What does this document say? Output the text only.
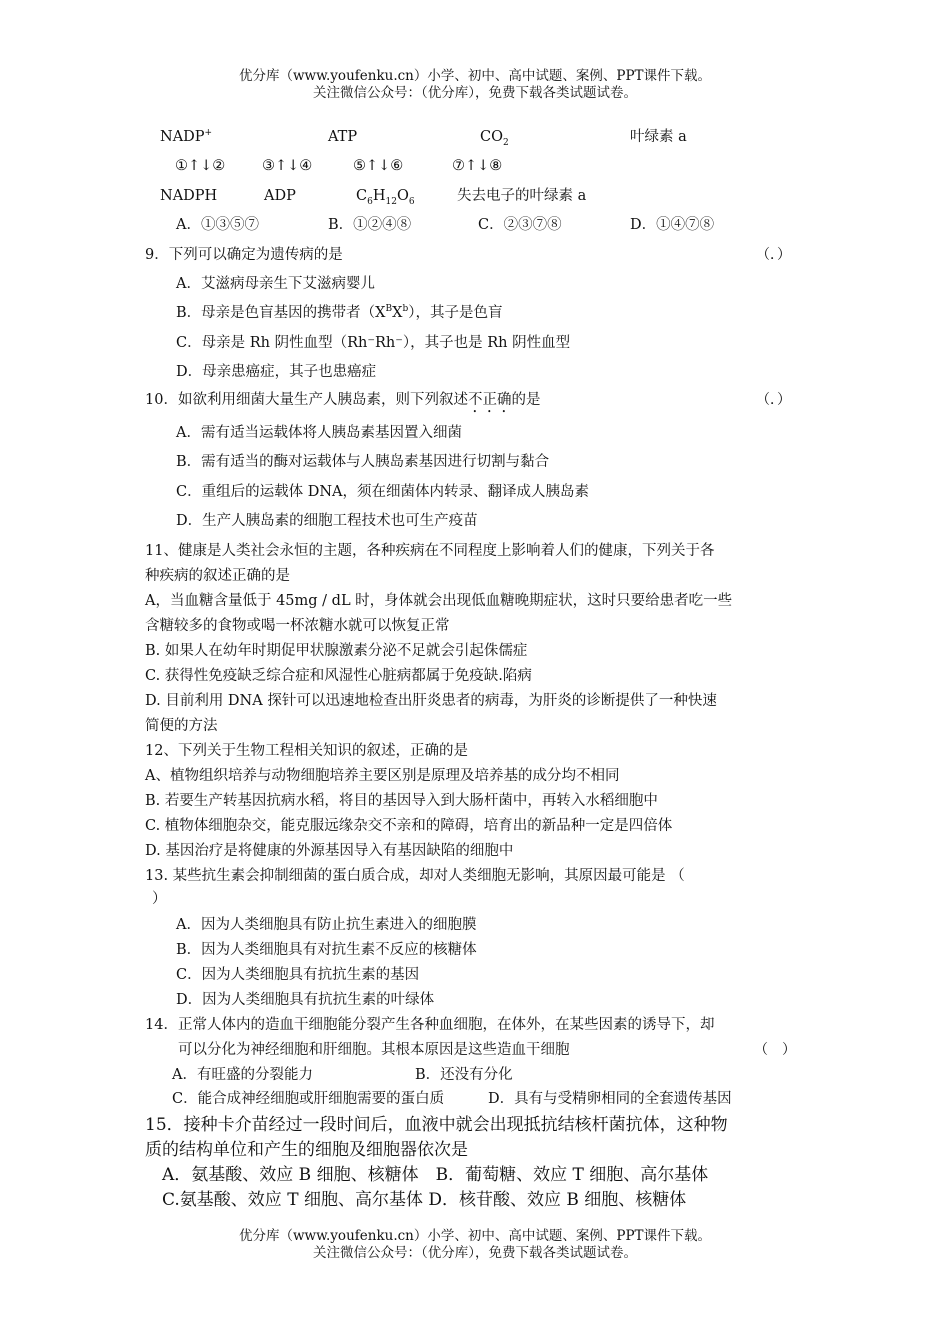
优分库（www.youfenku.cn）小学、初中、高中试题、案例、PPT课件下载。
关注微信公众号：（优分库），免费下载各类试题试卷。
NADP+	ATP	$CO_2$	叶绿素 a
①↑↓②	③↑↓④	⑤↑↓⑥	⑦↑↓⑧
NADPH	ADP	$C_6H_{12}O_6$	失去电子的叶绿素 a
A．①③⑤⑦	B．①②④⑧	C．②③⑦⑧	D．①④⑦⑧
9．下列可以确定为遗传病的是	（．）
A．艾滋病母亲生下艾滋病婴儿
B．母亲是色盲基因的携带者$(X^BX^b)$，其子是色盲
C．母亲是 Rh 阴性血型（Rh⁻Rh⁻），其子也是 Rh 阴性血型
D．母亲患癌症，其子也患癌症
10．如欲利用细菌大量生产人胰岛素，则下列叙述不正确的是	（．）
A．需有适当运载体将人胰岛素基因置入细菌
B．需有适当的酶对运载体与人胰岛素基因进行切割与黏合
C．重组后的运载体 DNA，须在细菌体内转录、翻译成人胰岛素
D．生产人胰岛素的细胞工程技术也可生产疫苗
11、健康是人类社会永恒的主题，各种疾病在不同程度上影响着人们的健康，下列关于各
种疾病的叙述正确的是
A，当血糖含量低于 45mg / dL 时，身体就会出现低血糖晚期症状，这时只要给患者吃一些
含糖较多的食物或喝一杯浓糖水就可以恢复正常
B. 如果人在幼年时期促甲状腺激素分泌不足就会引起侏儒症
C. 获得性免疫缺乏综合症和风湿性心脏病都属于免疫缺.陷病
D. 目前利用 DNA 探针可以迅速地检查出肝炎患者的病毒，为肝炎的诊断提供了一种快速
简便的方法
12、下列关于生物工程相关知识的叙述，正确的是
A、植物组织培养与动物细胞培养主要区别是原理及培养基的成分均不相同
B. 若要生产转基因抗病水稻，将目的基因导入到大肠杆菌中，再转入水稻细胞中
C. 植物体细胞杂交，能克服远缘杂交不亲和的障碍，培育出的新品种一定是四倍体
D. 基因治疗是将健康的外源基因导入有基因缺陷的细胞中
13. 某些抗生素会抑制细菌的蛋白质合成，却对人类细胞无影响，其原因最可能是 （
）
A．因为人类细胞具有防止抗生素进入的细胞膜
B．因为人类细胞具有对抗生素不反应的核糖体
C．因为人类细胞具有抗抗生素的基因
D．因为人类细胞具有抗抗生素的叶绿体
14．正常人体内的造血干细胞能分裂产生各种血细胞，在体外，在某些因素的诱导下，却
可以分化为神经细胞和肝细胞。其根本原因是这些造血干细胞	（　）
A．有旺盛的分裂能力	B．还没有分化
C．能合成神经细胞或肝细胞需要的蛋白质	D．具有与受精卵相同的全套遗传基因
15．接种卡介苗经过一段时间后，血液中就会出现抵抗结核杆菌抗体，这种物
质的结构单位和产生的细胞及细胞器依次是
A．氨基酸、效应 B 细胞、核糖体　B．葡萄糖、效应 T 细胞、高尔基体
C.氨基酸、效应 T 细胞、高尔基体 D．核苷酸、效应 B 细胞、核糖体
优分库（www.youfenku.cn）小学、初中、高中试题、案例、PPT课件下载。
关注微信公众号：（优分库），免费下载各类试题试卷。
